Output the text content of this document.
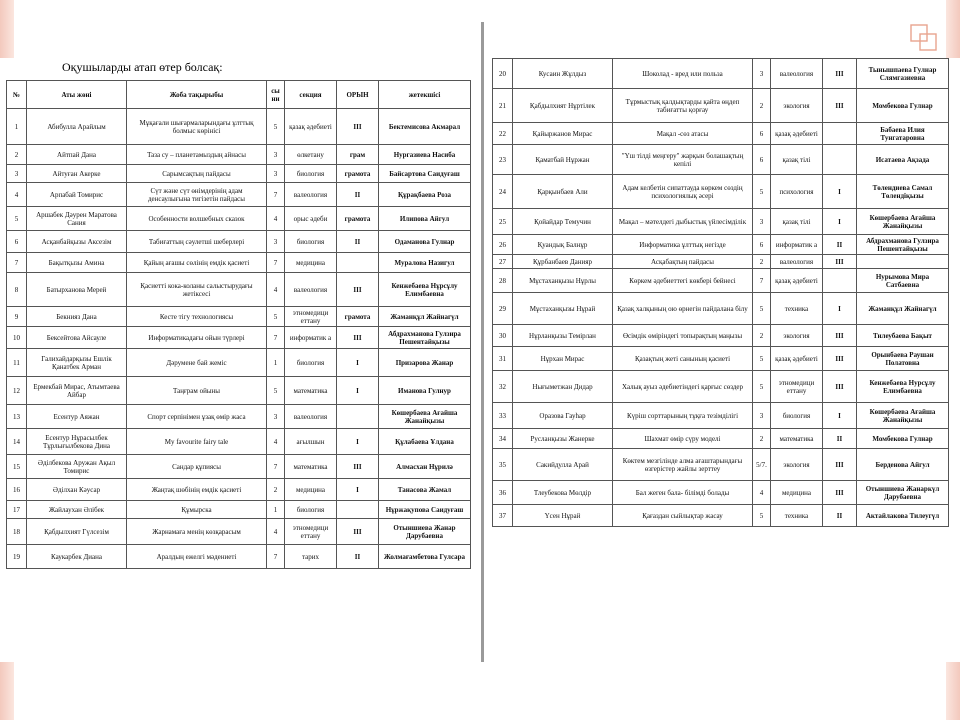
Оқушыларды атап өтер болсақ:
№	Аты жөні	Жоба тақырыбы	сы ни	секция	ОРЫН	жетекшісі
1	Абибулла Арайлым	Мұқағали шығармаларындағы ұлттық болмыс көрінісі	5	қазақ әдебиеті	III	Бектемисова Акмарал
2	Айтпай Дана	Таза су – планетамыздың айнасы	3	өлкетану	грам	Нургазиева Насиба
3	Айтуған Акерке	Сарымсақтың пайдасы	3	биология	грамота	Байсартова Саидуғаш
4	Арпабай Томирис	Сүт және сүт өнімдерінің адам денсаулығына тигізетін пайдасы	7	валеология	II	Құрақбаева Роза
5	Аршабек Дәурен Маратова Сания	Особенности волшебных сказок	4	орыс әдеби	грамота	Илипова Айгул
6	Асқанбайқызы Аксезім	Табиғаттың сәулетші шеберлері	3	биология	II	Одаманова Гулнар
7	Бақытқызы Амина	Қайың ағашы сөлінің емдік қасиеті	7	медицина		Муралова Назигул
8	Батырханова Мерей	Қасиетті кока-коланы салыстырудағы жетіксесі	4	валеология	III	Кенжебаева Нұрсұлу Елимбаевна
9	Бекнияз Дана	Кесте тігу технологиясы	5	этномедици еттану	грамота	Жаманқұл Жайнагүл
10	Бексейтова Айсауле	Информатикадағы ойын түрлері	7	информатик а	III	Абдрахманова Гулзира Пешентайқызы
11	Галихайдарқызы Ешлік Қанатбек Арман	Дәрумене бай жеміс	1	биология	I	Призарова Жанар
12	Ермекбай Мирас, Атымтаева Айбар	Таңғрам ойыны	5	математика	I	Иманова Гулнур
13	Есентур Аяжан	Спорт серпінімен ұзақ өмір жаса	3	валеология		Көшербаева Ағайша Жанайқызы
14	Есентур Нұрасылбек Тұрлығылбекова Дина	My favourite fairy tale	4	ағылшын	I	Құлабаева Ұлдана
15	Әділбекова Аружан Ақыл Томирис	Сандар құпиясы	7	математика	III	Алмасхан Нұрилә
16	Әділхан Кәусар	Жаңтақ шөбінің емдік қасиеті	2	медицина	I	Танасова Жамал
17	Жайлаухан Әлібек	Құмырска	1	биология		Нұржақупова Саидуғаш
18	Қабдылхият Гүлсезім	Жарнамаға менің көзқарасым	4	этномедици еттану	III	Отыншиева Жанар Дарубаевна
19	Каукарбек Диана	Аралдың ежелгі мәдениеті	7	тарих	II	Жолмағамбетова Гулсара
20	Кусаин Жұлдыз	Шоколад - вред или польза	3	валеология	III	Тынышпаева Гулнар Слямгазиевна
21	Қабдылхият Нұртілек	Тұрмыстық қалдықтарды қайта өңдеп табиғатты қорғау	2	экология	III	Момбекова Гулнар
22	Қайыржанов Мирас	Мақал -сөз атасы	6	қазақ әдебиеті		Бабаева Илия Тунгатаровна
23	Қаматбай Нұржан	"Үш тілді меңгеру" жарқын болашақтың кепілі	6	қазақ тілі		Исатаева Ақзада
24	Қарқынбаев Али	Адам келбетін сипаттауда көркем сөздің психологиялық әсері	5	психология	I	Төлендиева Самал Төлендіқызы
25	Қойайдар Темучин	Мақал – мәтелдегі дыбыстық үйлесімділік	3	қазақ тілі	I	Көшербаева Ағайша Жанайқызы
26	Қуандық Балнұр	Информатика ұлттық негізде	6	информатик а	II	Абдрахманова Гулзира Пешентайқызы
27	Құрбанбаев Данияр	Асқабақтың пайдасы	2	валеология	III	
28	Мұстаханқызы Нұрлы	Көркем әдебиеттегі көкбері бейнесі	7	қазақ әдебиеті		Нурымова Мира Сатбаевна
29	Мұстаханқызы Нұрай	Қазақ халқының ою өрнегін пайдалана білу	5	техника	I	Жаманқұл Жайнагүл
30	Нұрланқызы Темірлан	Өсімдік өміріндегі топырақтың маңызы	2	экология	III	Тилеубаева Бақыт
31	Нұрхан Мирас	Қазақтың жеті санының қасиеті	5	қазақ әдебиеті	III	Орынбаева Раушан Полатовна
32	Нығыметжан Дидар	Халық ауыз әдебиетіндегі қарғыс сөздер	5	этномедици еттану	III	Кенжебаева Нурсұлу Елимбаевна
33	Оразова Гауһар	Күріш сорттарының тұқға тезімділігі	3	биология	I	Көшербаева Ағайша Жанайқызы
34	Русланқызы Жанерке	Шахмат өмір сүру моделі	2	математика	II	Момбекова Гулнар
35	Сакийдулла Арай	Көктем мезгілінде алма ағаштарындағы өзгерістер жайлы зерттеу	5/7.	экология	III	Берденова Айгул
36	Тлеубекова Мөлдір	Бал жеген бала- білімді болады	4	медицина	III	Отыншиева Жанаркүл Дарубаевна
37	Үсен Нұрай	Қағаздан сыйлықтар жасау	5	техника	II	Актайлакова Тилеугүл
